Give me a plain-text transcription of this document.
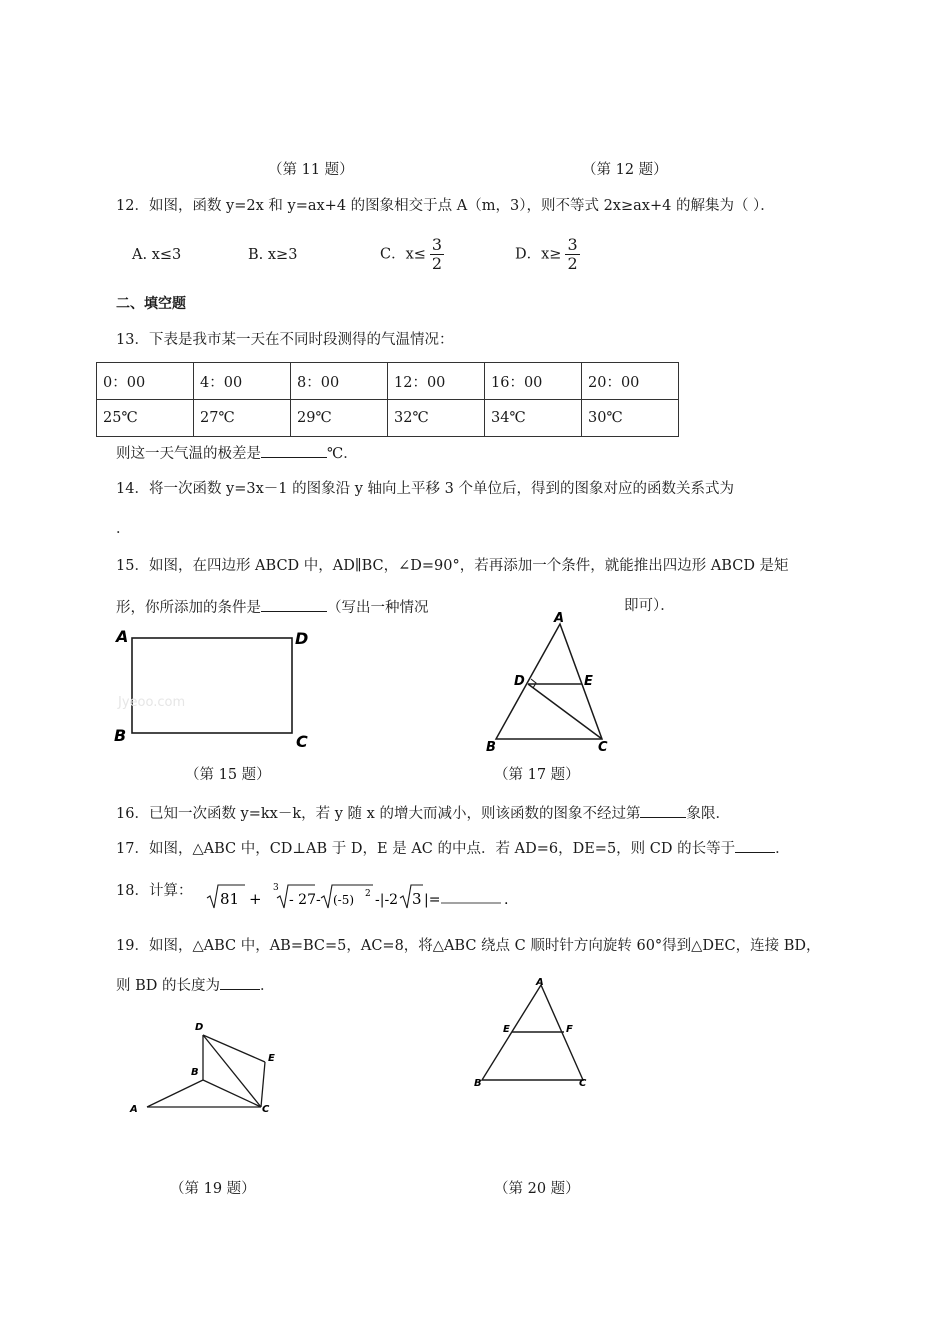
（第 11 题）	（第 12 题）
12．如图，函数 y=2x 和 y=ax+4 的图象相交于点 A（m，3），则不等式 2x≥ax+4 的解集为（ ）．
A. x≤3	B. x≥3	C．$x\le \frac{3}{2}$	D．$x\ge \frac{3}{2}$
二、填空题
13．下表是我市某一天在不同时段测得的气温情况：
0：00	4：00	8：00	12：00	16：00	20：00
25℃	27℃	29℃	32℃	34℃	30℃
则这一天气温的极差是	℃．
14．将一次函数 y=3x－1 的图象沿 y 轴向上平移 3 个单位后，得到的图象对应的函数关系式为
．
15．如图，在四边形 ABCD 中，AD∥BC，∠D=90°，若再添加一个条件，就能推出四边形 ABCD 是矩
形，你所添加的条件是	（写出一种情况	即可）．
A	D
B	C
Jyeoo.com
A
D	E
B	C
（第 15 题）	（第 17 题）
16．已知一次函数 y=kx－k，若 y 随 x 的增大而减小，则该函数的图象不经过第	象限．
17．如图，△ABC 中，CD⊥AB 于 D，E 是 AC 的中点．若 AD=6，DE=5，则 CD 的长等于	．
18．计算： 81 +
3
- 27 - (-5) 2 -|-2 3 |=	.
19．如图，△ABC 中，AB=BC=5，AC=8，将△ABC 绕点 C 顺时针方向旋转 60°得到△DEC，连接 BD，
则 BD 的长度为	．
D
B
E
A	C
A
E	F
B	C
（第 19 题）	（第 20 题）
